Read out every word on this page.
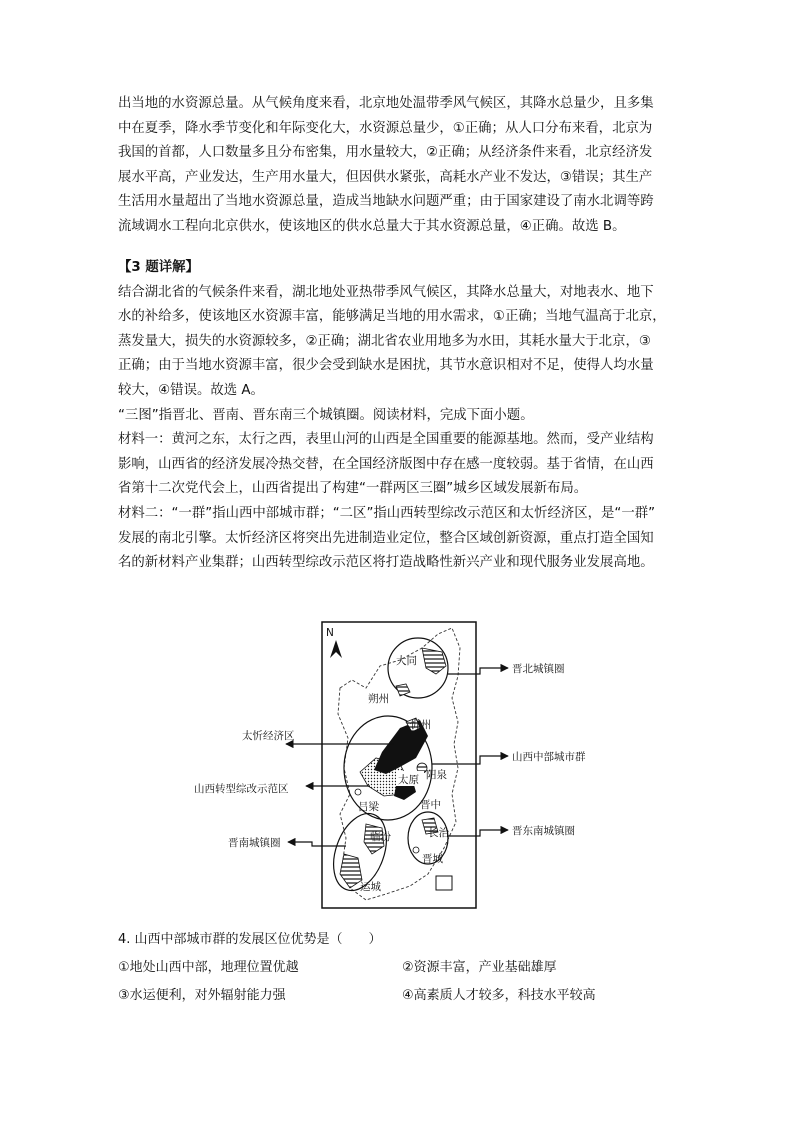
出当地的水资源总量。从气候角度来看，北京地处温带季风气候区，其降水总量少，且多集
中在夏季，降水季节变化和年际变化大，水资源总量少，①正确；从人口分布来看，北京为
我国的首都，人口数量多且分布密集，用水量较大，②正确；从经济条件来看，北京经济发
展水平高，产业发达，生产用水量大，但因供水紧张，高耗水产业不发达，③错误；其生产
生活用水量超出了当地水资源总量，造成当地缺水问题严重；由于国家建设了南水北调等跨
流域调水工程向北京供水，使该地区的供水总量大于其水资源总量，④正确。故选 B。
【3 题详解】
结合湖北省的气候条件来看，湖北地处亚热带季风气候区，其降水总量大，对地表水、地下
水的补给多，使该地区水资源丰富，能够满足当地的用水需求，①正确；当地气温高于北京，
蒸发量大，损失的水资源较多，②正确；湖北省农业用地多为水田，其耗水量大于北京，③
正确；由于当地水资源丰富，很少会受到缺水是困扰，其节水意识相对不足，使得人均水量
较大，④错误。故选 A。
“三图”指晋北、晋南、晋东南三个城镇圈。阅读材料，完成下面小题。
材料一：黄河之东，太行之西，表里山河的山西是全国重要的能源基地。然而，受产业结构
影响，山西省的经济发展冷热交替，在全国经济版图中存在感一度较弱。基于省情，在山西
省第十二次党代会上，山西省提出了构建“一群两区三圈”城乡区域发展新布局。
材料二：“一群”指山西中部城市群；“二区”指山西转型综改示范区和太忻经济区，是“一群”
发展的南北引擎。太忻经济区将突出先进制造业定位，整合区域创新资源，重点打造全国知
名的新材料产业集群；山西转型综改示范区将打造战略性新兴产业和现代服务业发展高地。
N
大同
朔州
忻州
阳泉
太原
晋中
吕梁
临汾
运城
长治
晋城
晋北城镇圈
太忻经济区
山西中部城市群
山西转型综改示范区
晋南城镇圈
晋东南城镇圈
4. 山西中部城市群的发展区位优势是（　　）
①地处山西中部，地理位置优越	②资源丰富，产业基础雄厚
③水运便利，对外辐射能力强	④高素质人才较多，科技水平较高
